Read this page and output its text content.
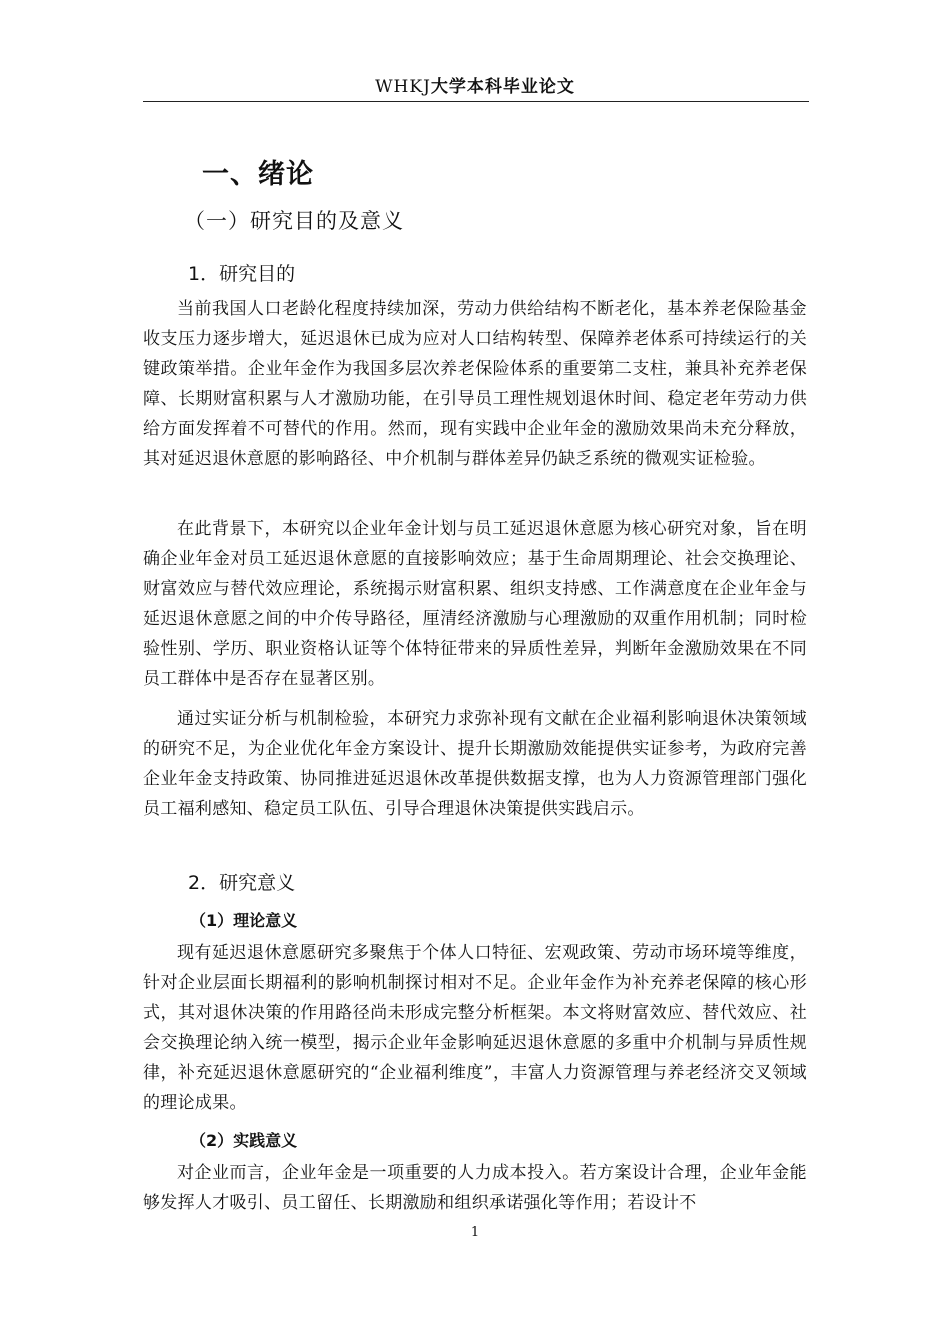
WHKJ大学本科毕业论文
一、绪论
（一）研究目的及意义
1．研究目的
当前我国人口老龄化程度持续加深，劳动力供给结构不断老化，基本养老保险基金收支压力逐步增大，延迟退休已成为应对人口结构转型、保障养老体系可持续运行的关键政策举措。企业年金作为我国多层次养老保险体系的重要第二支柱，兼具补充养老保障、长期财富积累与人才激励功能，在引导员工理性规划退休时间、稳定老年劳动力供给方面发挥着不可替代的作用。然而，现有实践中企业年金的激励效果尚未充分释放，其对延迟退休意愿的影响路径、中介机制与群体差异仍缺乏系统的微观实证检验。
在此背景下，本研究以企业年金计划与员工延迟退休意愿为核心研究对象，旨在明确企业年金对员工延迟退休意愿的直接影响效应；基于生命周期理论、社会交换理论、财富效应与替代效应理论，系统揭示财富积累、组织支持感、工作满意度在企业年金与延迟退休意愿之间的中介传导路径，厘清经济激励与心理激励的双重作用机制；同时检验性别、学历、职业资格认证等个体特征带来的异质性差异，判断年金激励效果在不同员工群体中是否存在显著区别。
通过实证分析与机制检验，本研究力求弥补现有文献在企业福利影响退休决策领域的研究不足，为企业优化年金方案设计、提升长期激励效能提供实证参考，为政府完善企业年金支持政策、协同推进延迟退休改革提供数据支撑，也为人力资源管理部门强化员工福利感知、稳定员工队伍、引导合理退休决策提供实践启示。
2．研究意义
（1）理论意义
现有延迟退休意愿研究多聚焦于个体人口特征、宏观政策、劳动市场环境等维度，针对企业层面长期福利的影响机制探讨相对不足。企业年金作为补充养老保障的核心形式，其对退休决策的作用路径尚未形成完整分析框架。本文将财富效应、替代效应、社会交换理论纳入统一模型，揭示企业年金影响延迟退休意愿的多重中介机制与异质性规律，补充延迟退休意愿研究的“企业福利维度”，丰富人力资源管理与养老经济交叉领域的理论成果。
（2）实践意义
对企业而言，企业年金是一项重要的人力成本投入。若方案设计合理，企业年金能够发挥人才吸引、员工留任、长期激励和组织承诺强化等作用；若设计不
1
